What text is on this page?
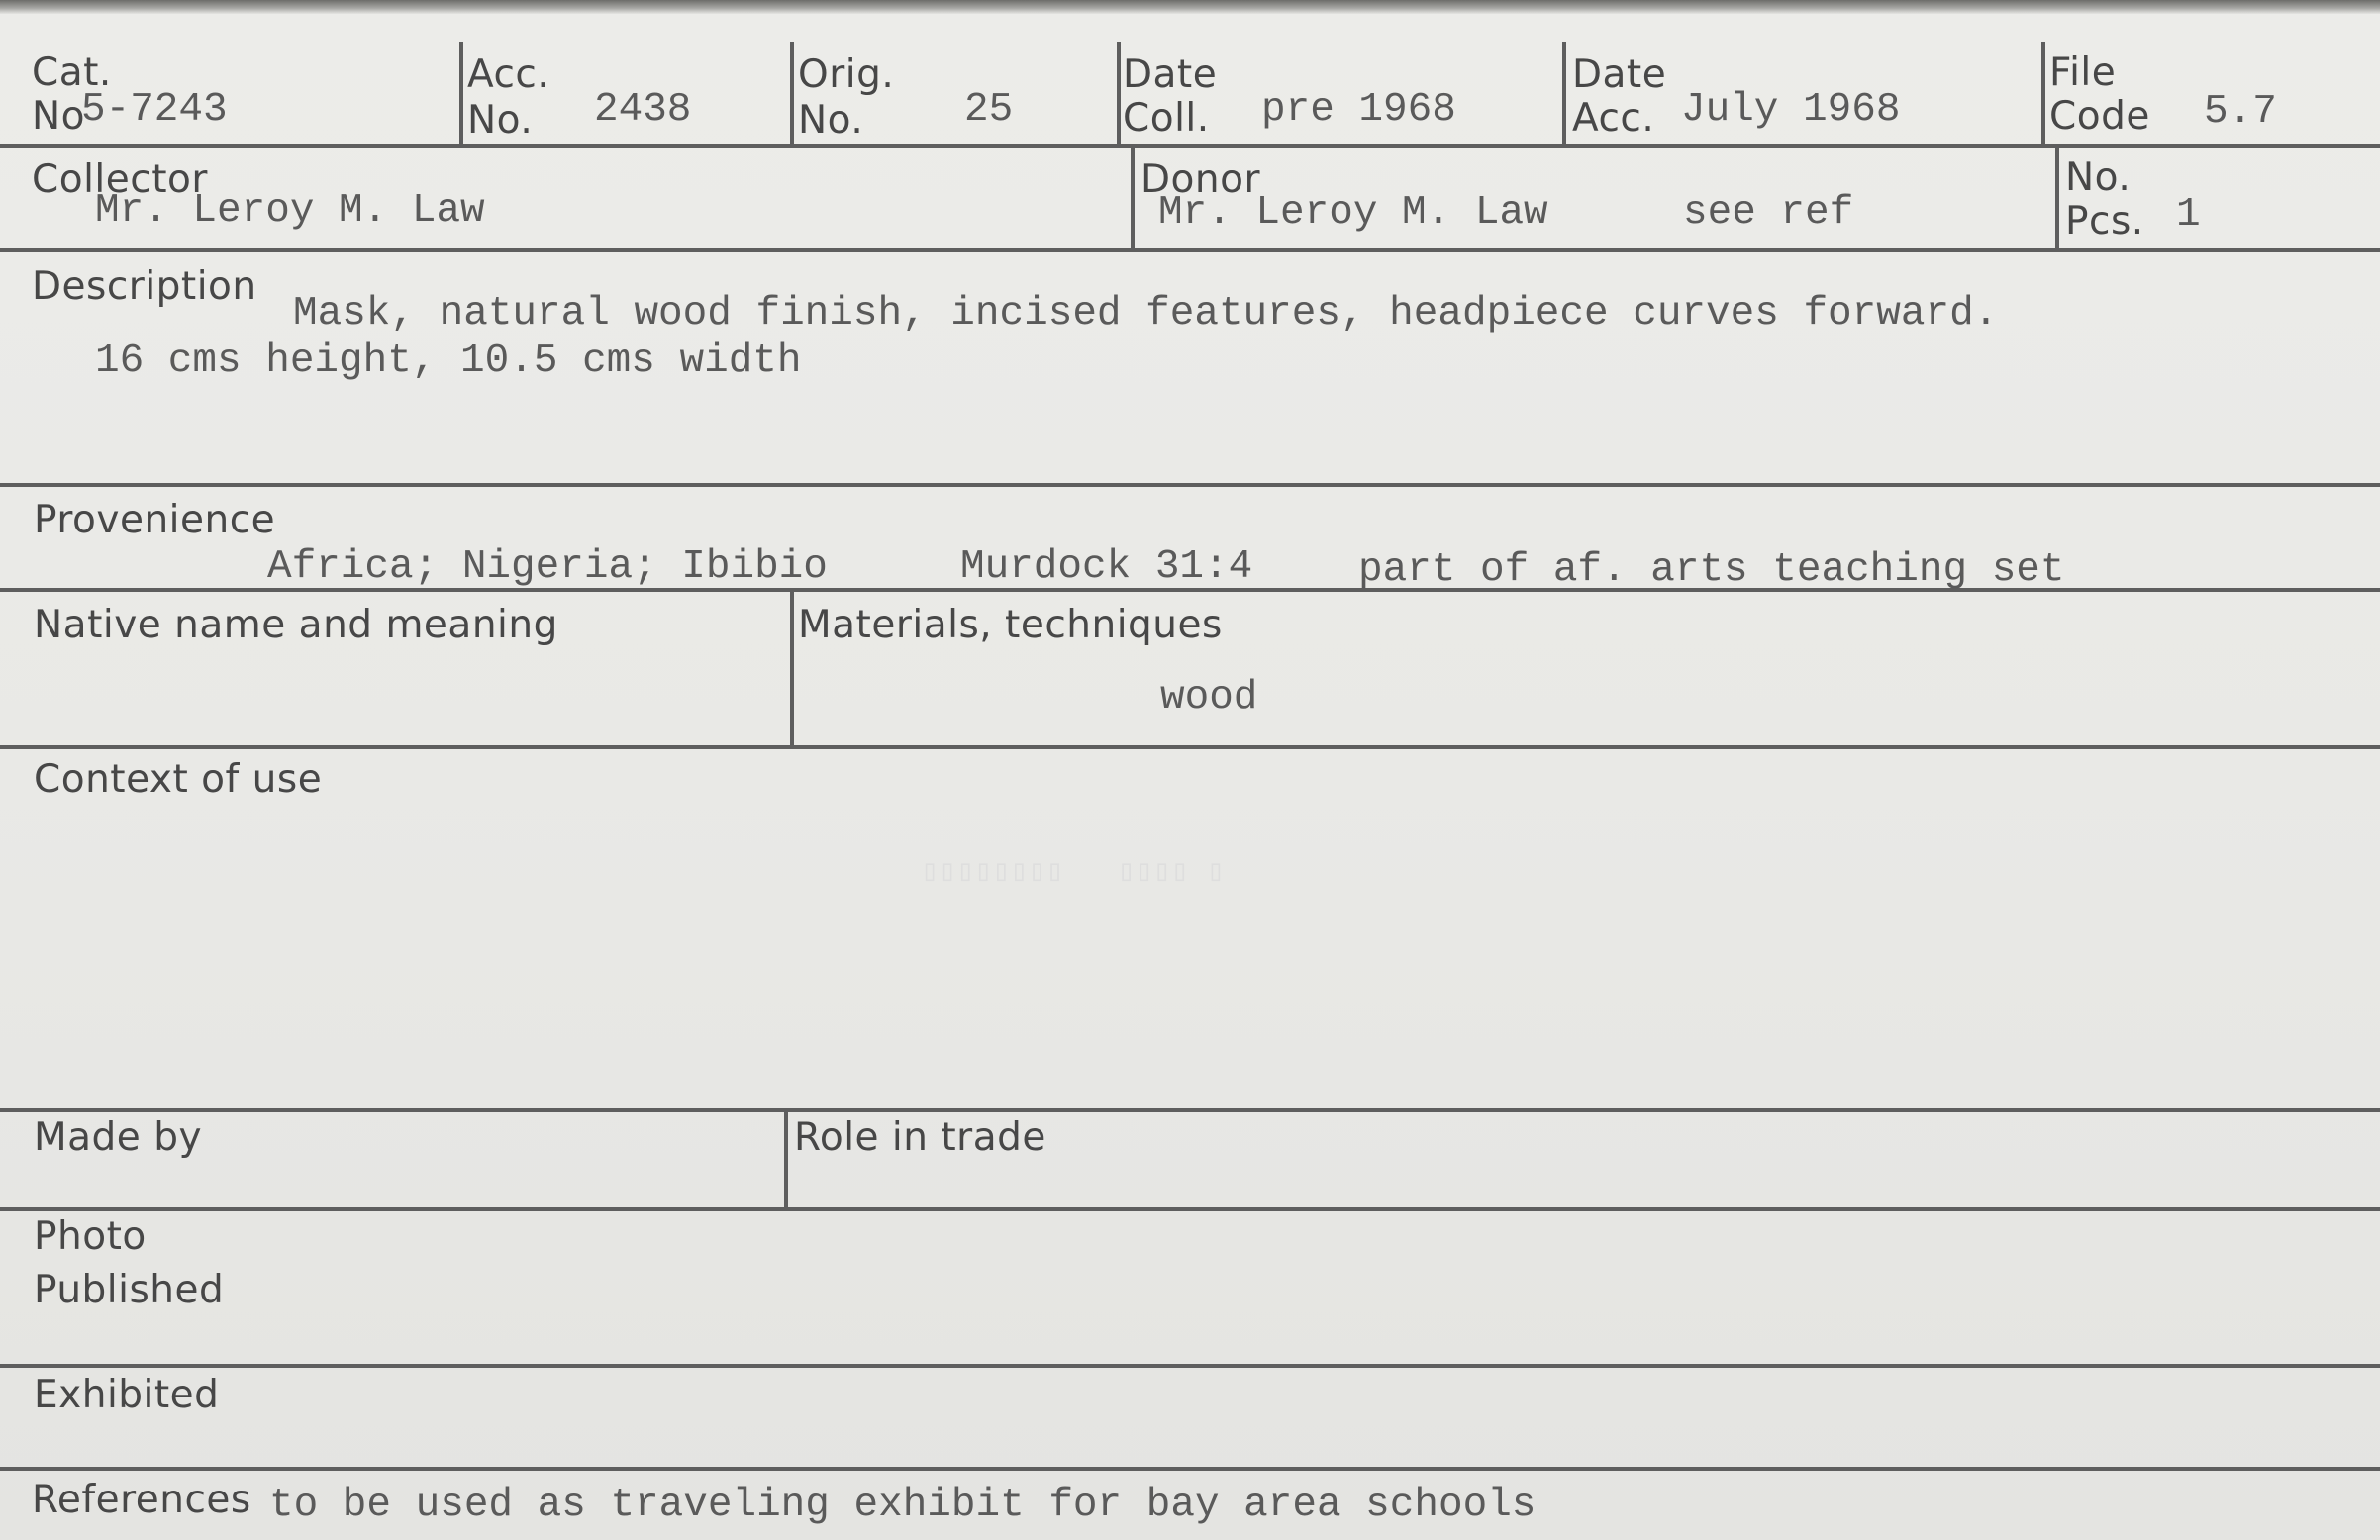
Cat.
No
5-7243
Acc.
No. 2438
Orig.
No. 25
Date
Coll. pre 1968
Date
Acc. July 1968
File
Code 5.7
Collector
Mr. Leroy M. Law
Donor
Mr. Leroy M. Law	see ref
No.
Pcs. 1
Description
Mask, natural wood finish, incised features, headpiece curves forward.
16 cms height, 10.5 cms width
Provenience
Africa; Nigeria; Ibibio	Murdock 31:4	part of af. arts teaching set
Native name and meaning	Materials, techniques
wood
Context of use
▯▯▯▯▯▯▯▯   ▯▯▯▯ ▯
Made by	Role in trade
Photo
Published
Exhibited
References to be used as traveling exhibit for bay area schools
